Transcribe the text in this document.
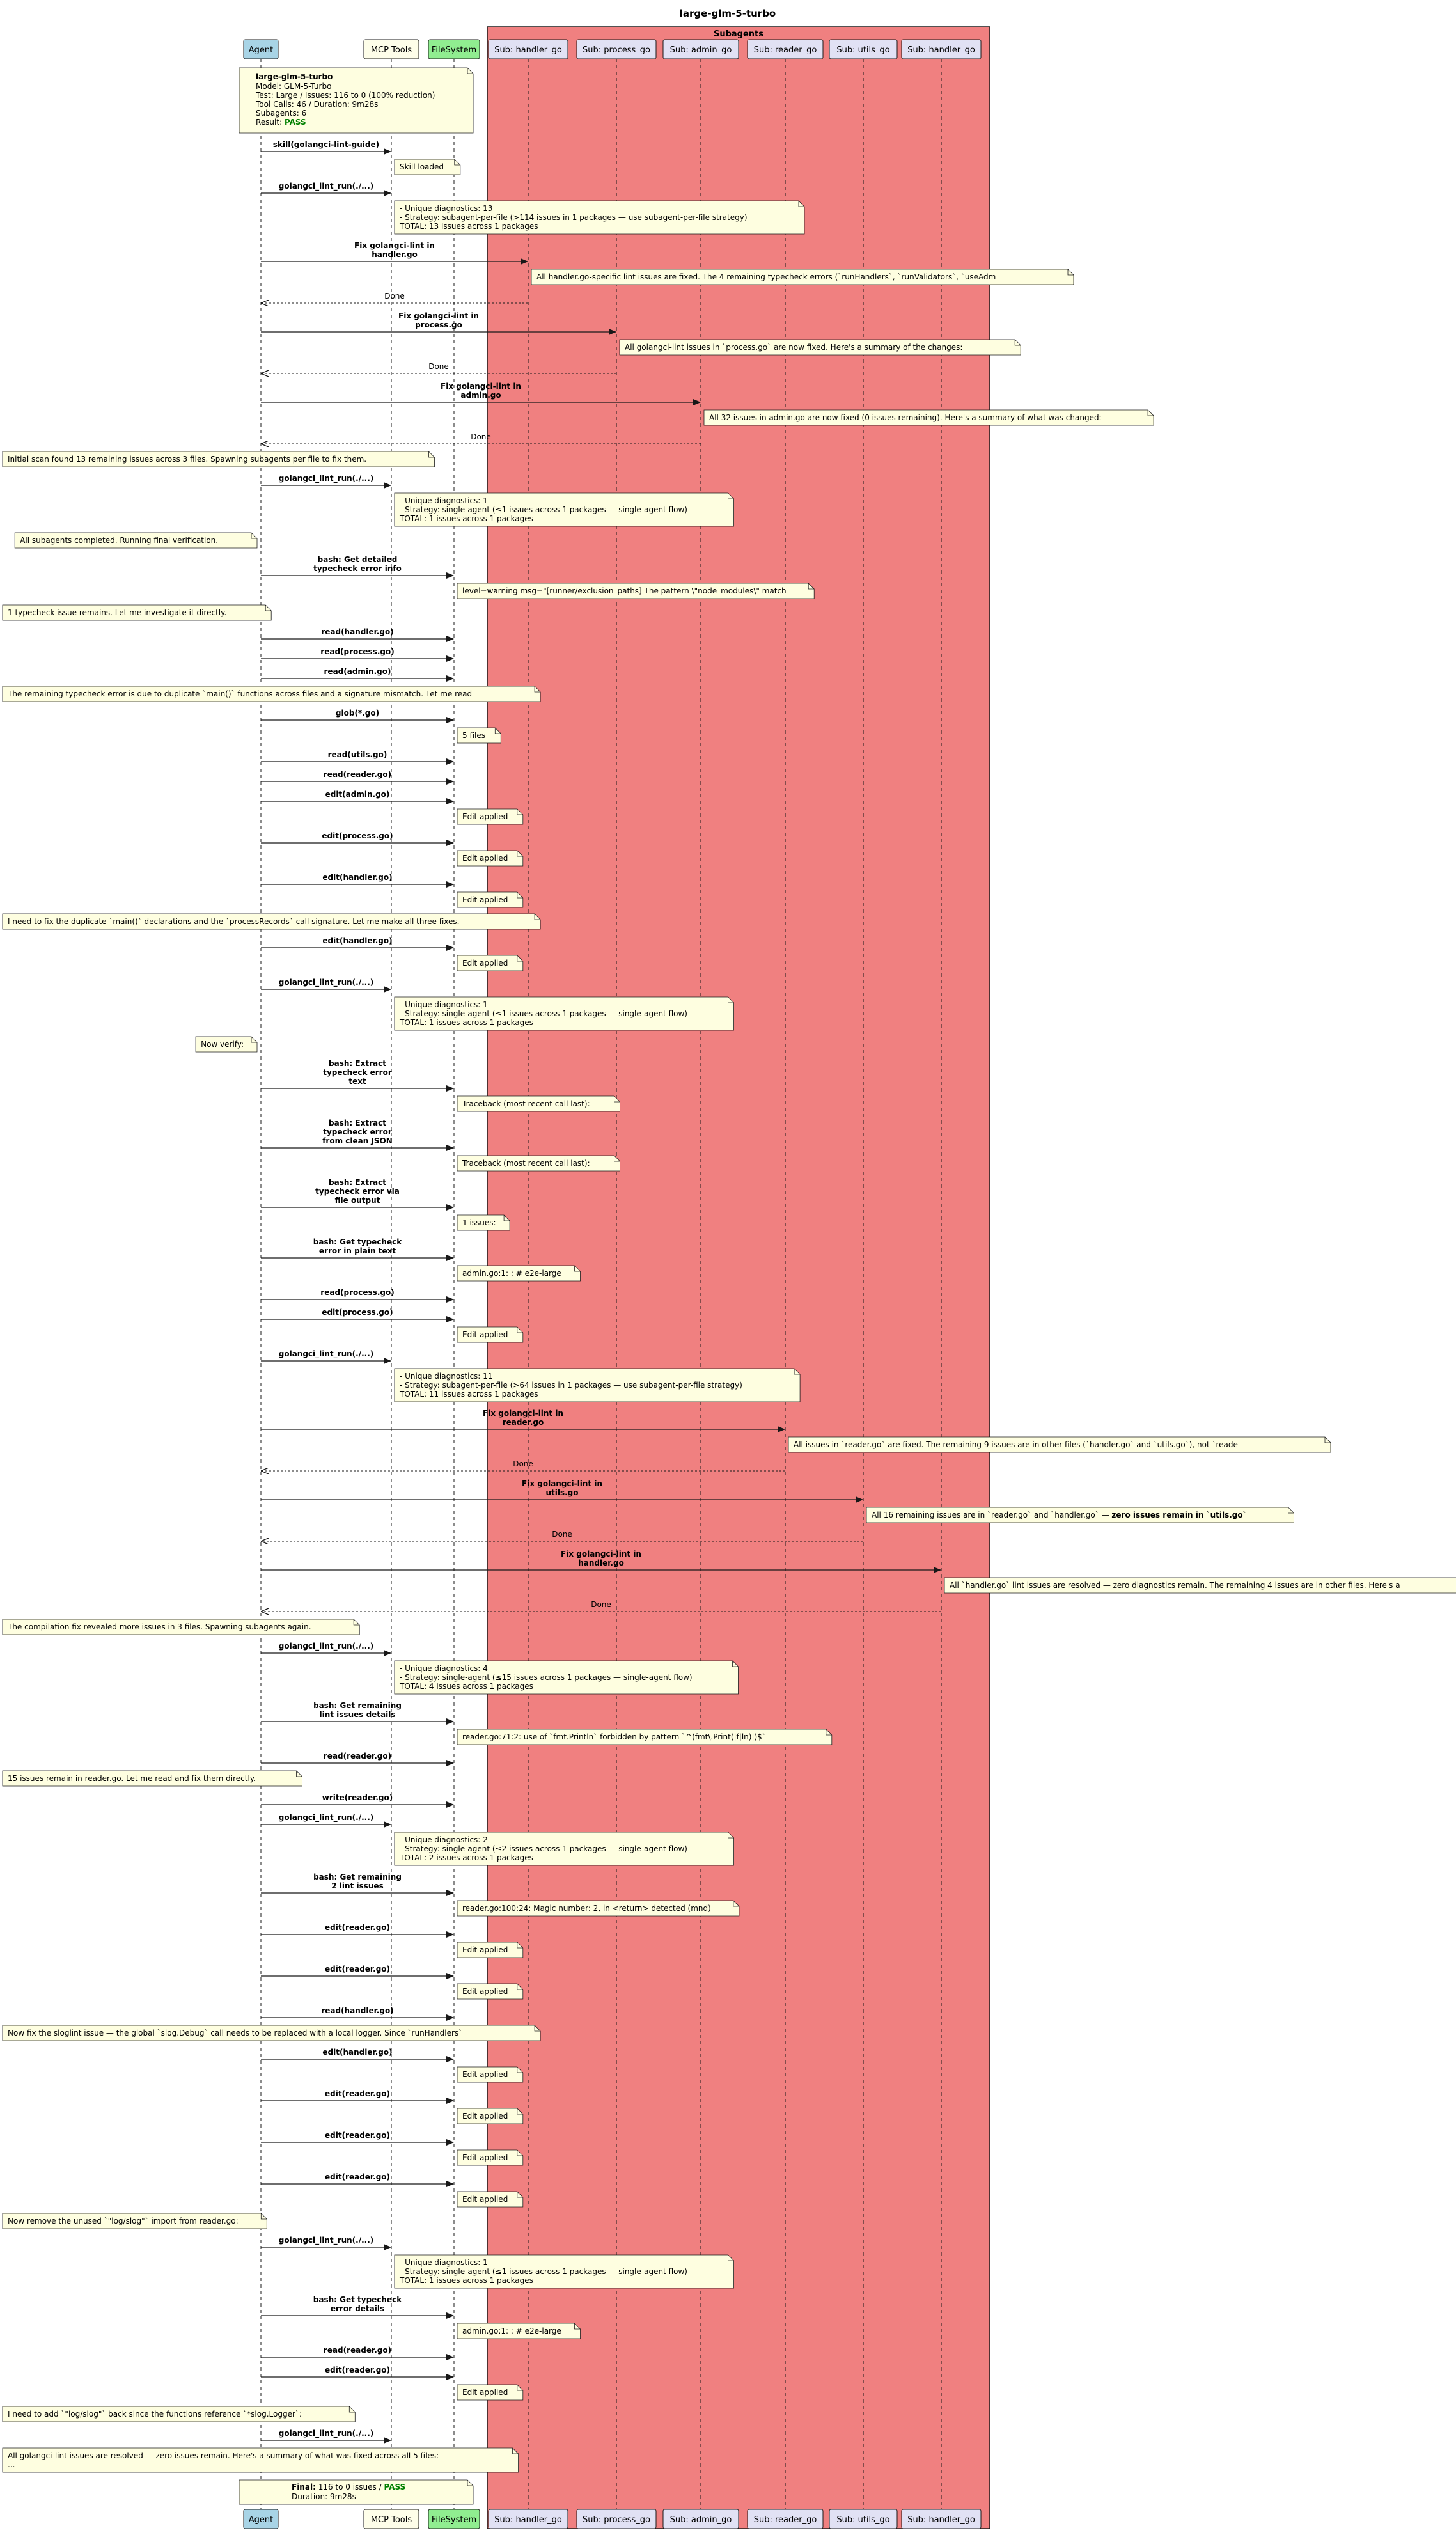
Subagents
large-glm-5-turbo
skill(golangci-lint-guide)
Skill loaded
golangci_lint_run(./...)
- Unique diagnostics: 13
- Strategy: subagent-per-file (>114 issues in 1 packages — use subagent-per-file strategy)
TOTAL: 13 issues across 1 packages
Fix golangci-lint in
handler.go
All handler.go-specific lint issues are fixed. The 4 remaining typecheck errors (`runHandlers`, `runValidators`, `useAdm
Done
Fix golangci-lint in
process.go
All golangci-lint issues in `process.go` are now fixed. Here's a summary of the changes:
Done
Fix golangci-lint in
admin.go
All 32 issues in admin.go are now fixed (0 issues remaining). Here's a summary of what was changed:
Done
Initial scan found 13 remaining issues across 3 files. Spawning subagents per file to fix them.
golangci_lint_run(./...)
- Unique diagnostics: 1
- Strategy: single-agent (≤1 issues across 1 packages — single-agent flow)
TOTAL: 1 issues across 1 packages
All subagents completed. Running final verification.
bash: Get detailed
typecheck error info
level=warning msg="[runner/exclusion_paths] The pattern \"node_modules\" match
1 typecheck issue remains. Let me investigate it directly.
read(handler.go)
read(process.go)
read(admin.go)
The remaining typecheck error is due to duplicate `main()` functions across files and a signature mismatch. Let me read
glob(*.go)
5 files
read(utils.go)
read(reader.go)
edit(admin.go)
Edit applied
edit(process.go)
Edit applied
edit(handler.go)
Edit applied
I need to fix the duplicate `main()` declarations and the `processRecords` call signature. Let me make all three fixes.
edit(handler.go)
Edit applied
golangci_lint_run(./...)
- Unique diagnostics: 1
- Strategy: single-agent (≤1 issues across 1 packages — single-agent flow)
TOTAL: 1 issues across 1 packages
Now verify:
bash: Extract
typecheck error
text
Traceback (most recent call last):
bash: Extract
typecheck error
from clean JSON
Traceback (most recent call last):
bash: Extract
typecheck error via
file output
1 issues:
bash: Get typecheck
error in plain text
admin.go:1: : # e2e-large
read(process.go)
edit(process.go)
Edit applied
golangci_lint_run(./...)
- Unique diagnostics: 11
- Strategy: subagent-per-file (>64 issues in 1 packages — use subagent-per-file strategy)
TOTAL: 11 issues across 1 packages
Fix golangci-lint in
reader.go
All issues in `reader.go` are fixed. The remaining 9 issues are in other files (`handler.go` and `utils.go`), not `reade
Done
Fix golangci-lint in
utils.go
All 16 remaining issues are in `reader.go` and `handler.go` — zero issues remain in `utils.go`
Done
Fix golangci-lint in
handler.go
All `handler.go` lint issues are resolved — zero diagnostics remain. The remaining 4 issues are in other files. Here's a
Done
The compilation fix revealed more issues in 3 files. Spawning subagents again.
golangci_lint_run(./...)
- Unique diagnostics: 4
- Strategy: single-agent (≤15 issues across 1 packages — single-agent flow)
TOTAL: 4 issues across 1 packages
bash: Get remaining
lint issues details
reader.go:71:2: use of `fmt.Println` forbidden by pattern `^(fmt\.Print(|f|ln)|)$`
read(reader.go)
15 issues remain in reader.go. Let me read and fix them directly.
write(reader.go)
golangci_lint_run(./...)
- Unique diagnostics: 2
- Strategy: single-agent (≤2 issues across 1 packages — single-agent flow)
TOTAL: 2 issues across 1 packages
bash: Get remaining
2 lint issues
reader.go:100:24: Magic number: 2, in <return> detected (mnd)
edit(reader.go)
Edit applied
edit(reader.go)
Edit applied
read(handler.go)
Now fix the sloglint issue — the global `slog.Debug` call needs to be replaced with a local logger. Since `runHandlers`
edit(handler.go)
Edit applied
edit(reader.go)
Edit applied
edit(reader.go)
Edit applied
edit(reader.go)
Edit applied
Now remove the unused `"log/slog"` import from reader.go:
golangci_lint_run(./...)
- Unique diagnostics: 1
- Strategy: single-agent (≤1 issues across 1 packages — single-agent flow)
TOTAL: 1 issues across 1 packages
bash: Get typecheck
error details
admin.go:1: : # e2e-large
read(reader.go)
edit(reader.go)
Edit applied
I need to add `"log/slog"` back since the functions reference `*slog.Logger`:
golangci_lint_run(./...)
All golangci-lint issues are resolved — zero issues remain. Here's a summary of what was fixed across all 5 files:
...
Agent	MCP Tools FileSystem Sub: handler_go Sub: process_go Sub: admin_go	Sub: reader_go Sub: utils_go Sub: handler_go
Agent	MCP Tools FileSystem Sub: handler_go Sub: process_go Sub: admin_go	Sub: reader_go Sub: utils_go Sub: handler_go
large-glm-5-turbo
Model: GLM-5-Turbo
Test: Large / Issues: 116 to 0 (100% reduction)
Tool Calls: 46 / Duration: 9m28s
Subagents: 6
Result: PASS
Final: 116 to 0 issues / PASS
Duration: 9m28s
